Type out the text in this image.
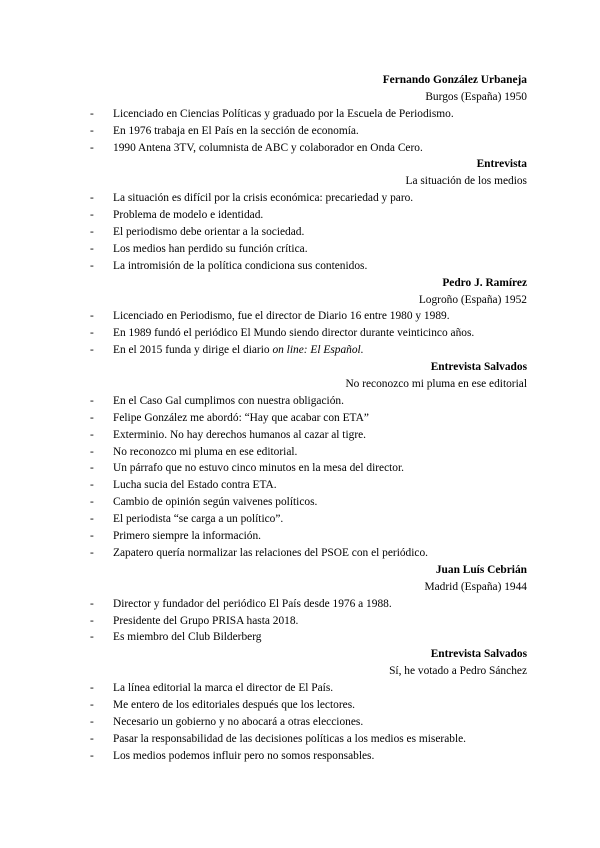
Fernando González Urbaneja
Burgos (España) 1950
- Licenciado en Ciencias Políticas y graduado por la Escuela de Periodismo.
- En 1976 trabaja en El País en la sección de economía.
- 1990 Antena 3TV, columnista de ABC y colaborador en Onda Cero.
Entrevista
La situación de los medios
- La situación es difícil por la crisis económica: precariedad y paro.
- Problema de modelo e identidad.
- El periodismo debe orientar a la sociedad.
- Los medios han perdido su función crítica.
- La intromisión de la política condiciona sus contenidos.
Pedro J. Ramírez
Logroño (España) 1952
- Licenciado en Periodismo, fue el director de Diario 16 entre 1980 y 1989.
- En 1989 fundó el periódico El Mundo siendo director durante veinticinco años.
- En el 2015 funda y dirige el diario on line: El Español.
Entrevista Salvados
No reconozco mi pluma en ese editorial
- En el Caso Gal cumplimos con nuestra obligación.
- Felipe González me abordó: “Hay que acabar con ETA”
- Exterminio. No hay derechos humanos al cazar al tigre.
- No reconozco mi pluma en ese editorial.
- Un párrafo que no estuvo cinco minutos en la mesa del director.
- Lucha sucia del Estado contra ETA.
- Cambio de opinión según vaivenes políticos.
- El periodista “se carga a un político”.
- Primero siempre la información.
- Zapatero quería normalizar las relaciones del PSOE con el periódico.
Juan Luís Cebrián
Madrid (España) 1944
- Director y fundador del periódico El País desde 1976 a 1988.
- Presidente del Grupo PRISA hasta 2018.
- Es miembro del Club Bilderberg
Entrevista Salvados
Sí, he votado a Pedro Sánchez
- La línea editorial la marca el director de El País.
- Me entero de los editoriales después que los lectores.
- Necesario un gobierno y no abocará a otras elecciones.
- Pasar la responsabilidad de las decisiones políticas a los medios es miserable.
- Los medios podemos influir pero no somos responsables.
